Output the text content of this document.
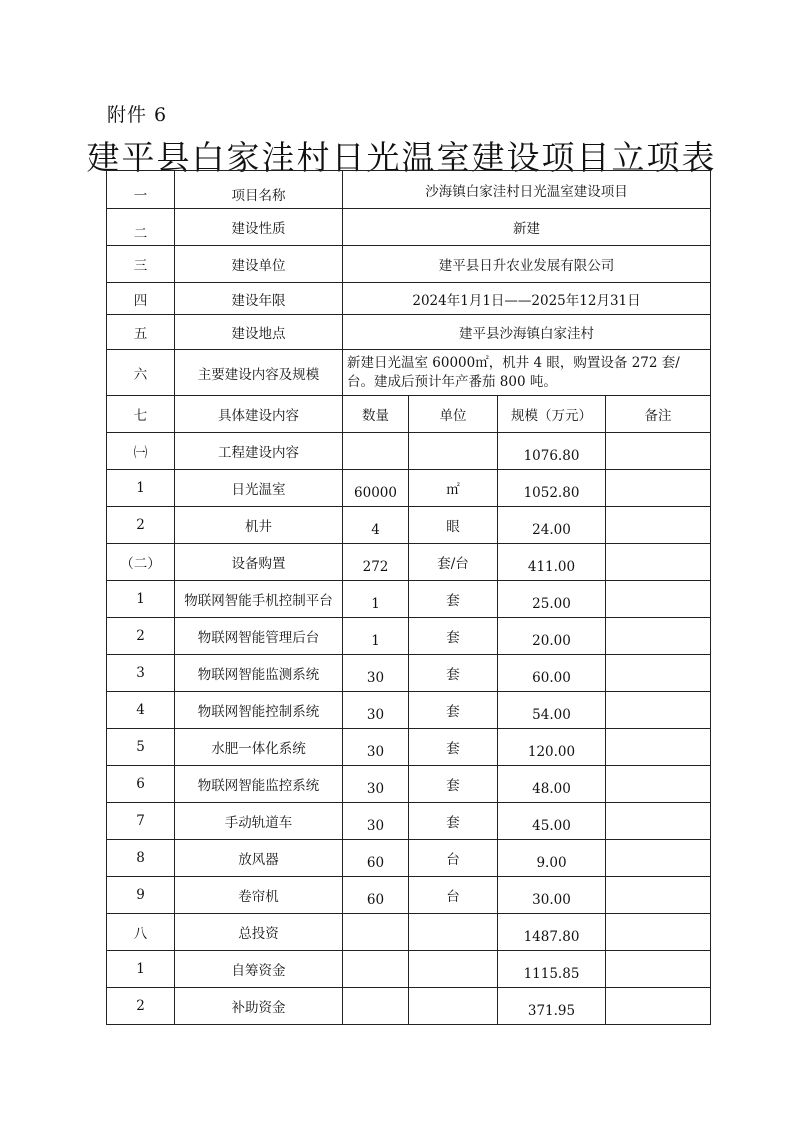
附件 6
建平县白家洼村日光温室建设项目立项表
一	项目名称	沙海镇白家洼村日光温室建设项目			
二	建设性质	新建			
三	建设单位	建平县日升农业发展有限公司			
四	建设年限	2024年1月1日——2025年12月31日			
五	建设地点	建平县沙海镇白家洼村			
六	主要建设内容及规模	新建日光温室 60000㎡，机井 4 眼，购置设备 272 套/台。建成后预计年产番茄 800 吨。			
七	具体建设内容	数量	单位	规模（万元）	备注
㈠	工程建设内容			1076.80	
1	日光温室	60000	㎡	1052.80	
2	机井	4	眼	24.00	
（二）	设备购置	272	套/台	411.00	
1	物联网智能手机控制平台	1	套	25.00	
2	物联网智能管理后台	1	套	20.00	
3	物联网智能监测系统	30	套	60.00	
4	物联网智能控制系统	30	套	54.00	
5	水肥一体化系统	30	套	120.00	
6	物联网智能监控系统	30	套	48.00	
7	手动轨道车	30	套	45.00	
8	放风器	60	台	9.00	
9	卷帘机	60	台	30.00	
八	总投资			1487.80	
1	自筹资金			1115.85	
2	补助资金			371.95	
